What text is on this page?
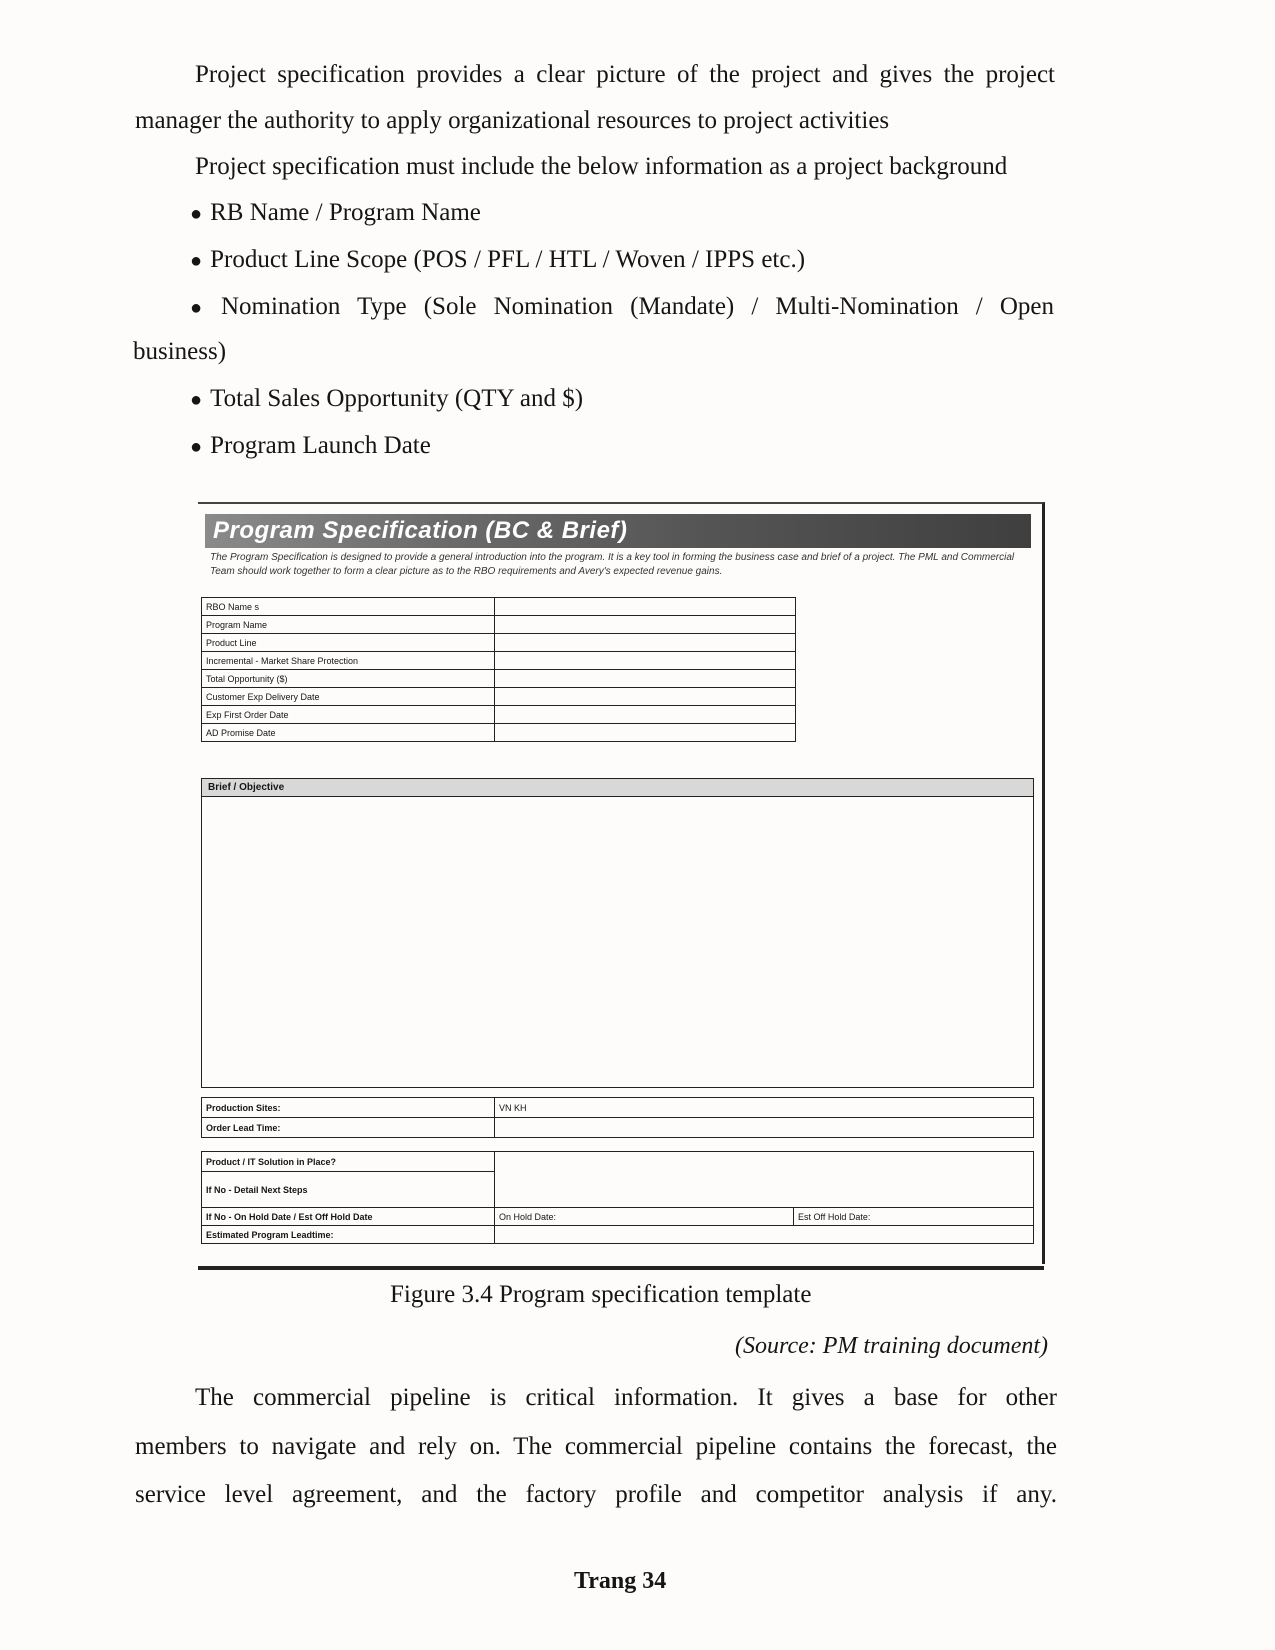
Project specification provides a clear picture of the project and gives the project
manager the authority to apply organizational resources to project activities
Project specification must include the below information as a project background
● RB Name / Program Name
● Product Line Scope (POS / PFL / HTL / Woven / IPPS etc.)
● Nomination Type (Sole Nomination (Mandate) / Multi-Nomination / Open
business)
● Total Sales Opportunity (QTY and $)
● Program Launch Date
Program Specification (BC & Brief)
The Program Specification is designed to provide a general introduction into the program. It is a key tool in forming the business case and brief of a project. The PML and Commercial Team should work together to form a clear picture as to the RBO requirements and Avery's expected revenue gains.
RBO Name s	
Program Name	
Product Line	
Incremental - Market Share Protection	
Total Opportunity ($)	
Customer Exp Delivery Date	
Exp First Order Date	
AD Promise Date	
Brief / Objective
Production Sites:	VN KH
Order Lead Time:	
Product / IT Solution in Place?		
If No - Detail Next Steps		
If No - On Hold Date / Est Off Hold Date	On Hold Date:	Est Off Hold Date:
Estimated Program Leadtime:		
Figure 3.4 Program specification template
(Source: PM training document)
The commercial pipeline is critical information. It gives a base for other
members to navigate and rely on. The commercial pipeline contains the forecast, the
service level agreement, and the factory profile and competitor analysis if any.
Trang 34
